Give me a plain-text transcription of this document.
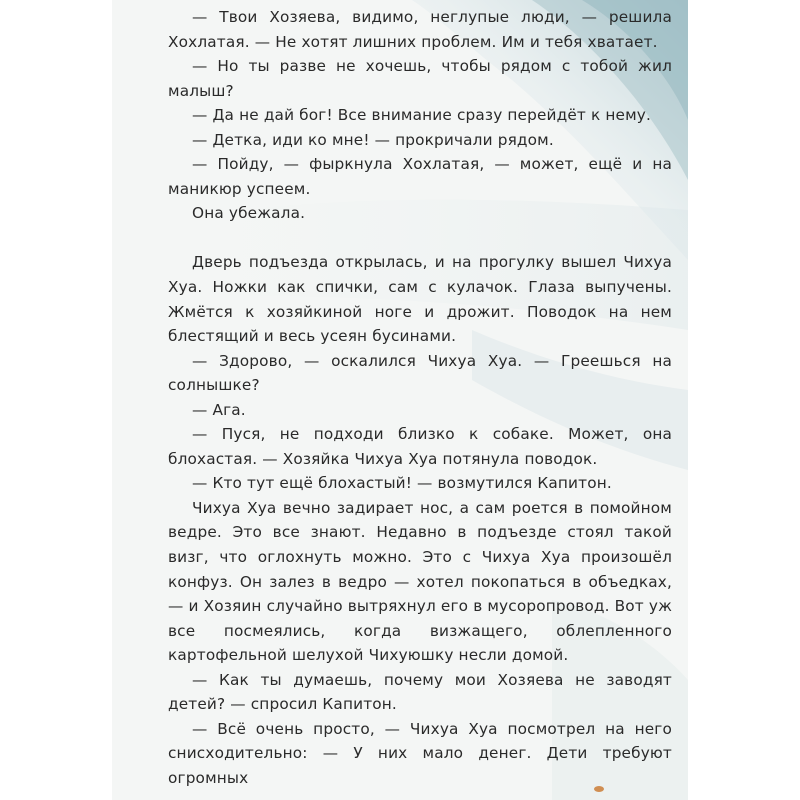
— Твои Хозяева, видимо, неглупые люди, — решила Хохлатая. — Не хотят лишних проблем. Им и тебя хватает.

— Но ты разве не хочешь, чтобы рядом с тобой жил малыш?

— Да не дай бог! Все внимание сразу перейдёт к нему.

— Детка, иди ко мне! — прокричали рядом.

— Пойду, — фыркнула Хохлатая, — может, ещё и на маникюр успеем.

Она убежала.

Дверь подъезда открылась, и на прогулку вышел Чихуа Хуа. Ножки как спички, сам с кулачок. Глаза выпучены. Жмётся к хозяйкиной ноге и дрожит. Поводок на нем блестящий и весь усеян бусинами.

— Здорово, — оскалился Чихуа Хуа. — Греешься на солнышке?

— Ага.

— Пуся, не подходи близко к собаке. Может, она блохастая. — Хозяйка Чихуа Хуа потянула поводок.

— Кто тут ещё блохастый! — возмутился Капитон.

Чихуа Хуа вечно задирает нос, а сам роется в помойном ведре. Это все знают. Недавно в подъезде стоял такой визг, что оглохнуть можно. Это с Чихуа Хуа произошёл конфуз. Он залез в ведро — хотел покопаться в объедках, — и Хозяин случайно вытряхнул его в мусоропровод. Вот уж все посмеялись, когда визжащего, облепленного картофельной шелухой Чихуюшку несли домой.

— Как ты думаешь, почему мои Хозяева не заводят детей? — спросил Капитон.

— Всё очень просто, — Чихуа Хуа посмотрел на него снисходительно: — У них мало денег. Дети требуют огромных
